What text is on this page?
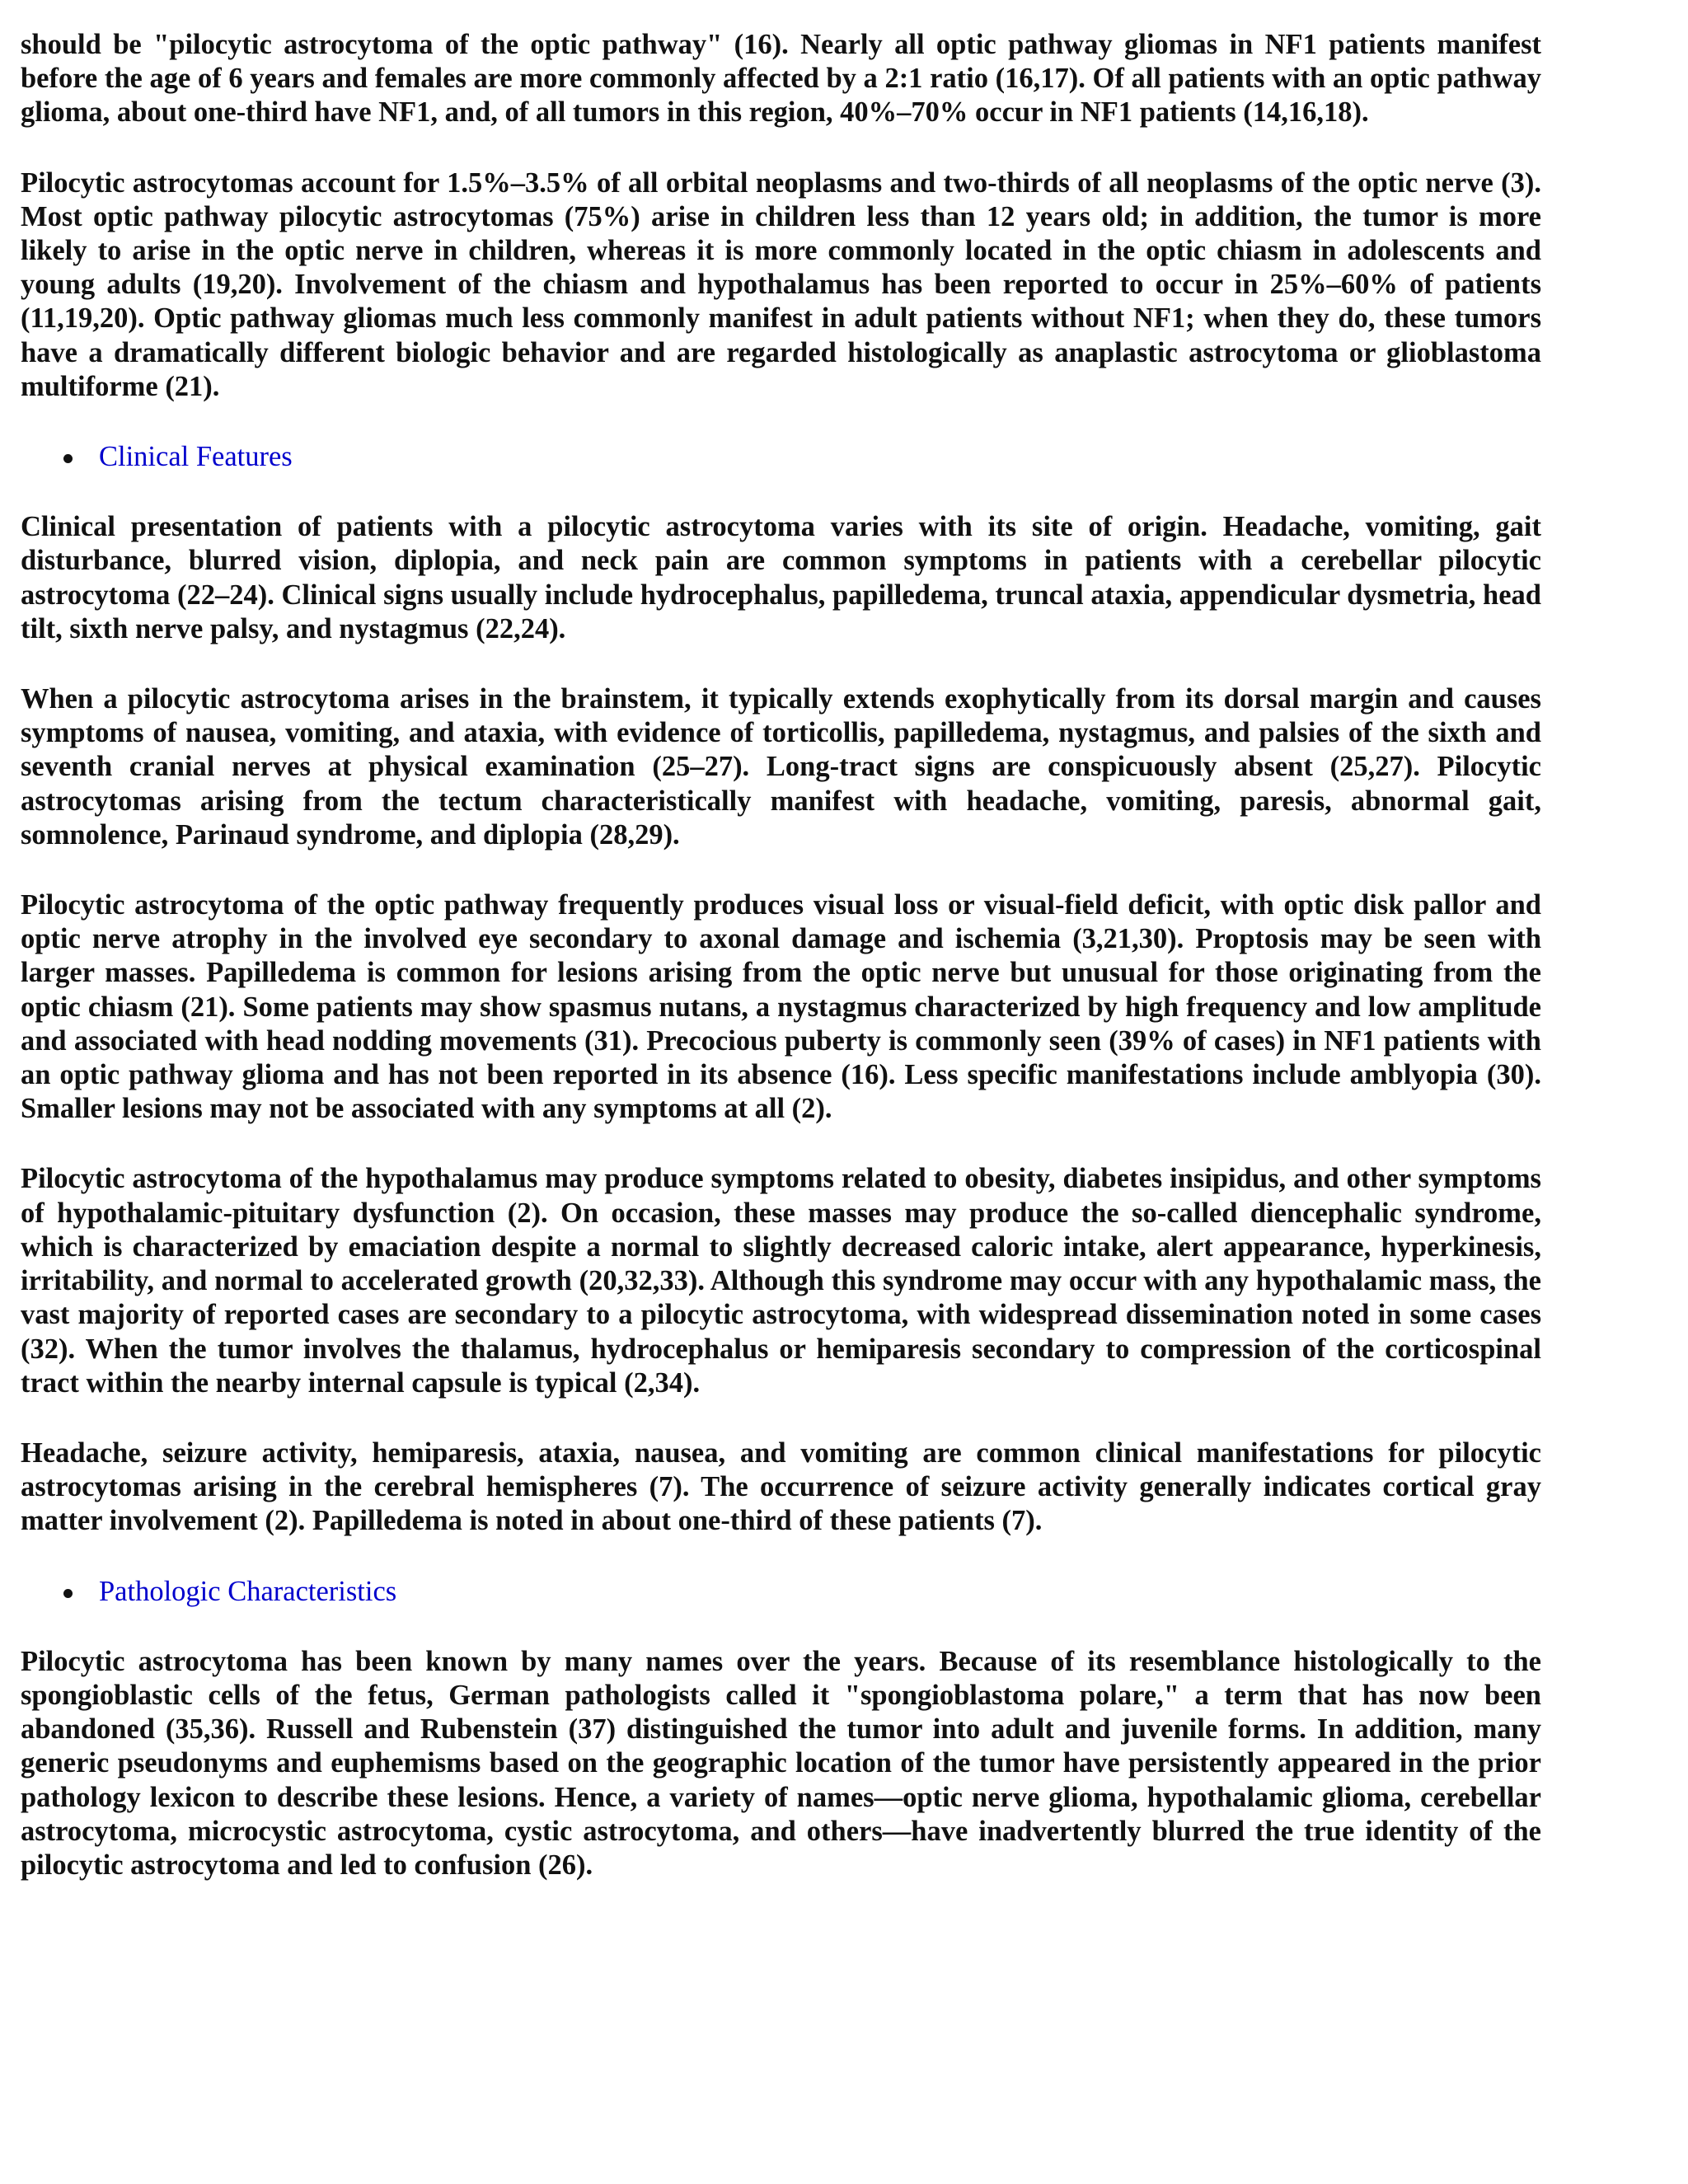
should be "pilocytic astrocytoma of the optic pathway" (16). Nearly all optic pathway gliomas in NF1 patients manifest before the age of 6 years and females are more commonly affected by a 2:1 ratio (16,17). Of all patients with an optic pathway glioma, about one-third have NF1, and, of all tumors in this region, 40%–70% occur in NF1 patients (14,16,18).

Pilocytic astrocytomas account for 1.5%–3.5% of all orbital neoplasms and two-thirds of all neoplasms of the optic nerve (3). Most optic pathway pilocytic astrocytomas (75%) arise in children less than 12 years old; in addition, the tumor is more likely to arise in the optic nerve in children, whereas it is more commonly located in the optic chiasm in adolescents and young adults (19,20). Involvement of the chiasm and hypothalamus has been reported to occur in 25%–60% of patients (11,19,20). Optic pathway gliomas much less commonly manifest in adult patients without NF1; when they do, these tumors have a dramatically different biologic behavior and are regarded histologically as anaplastic astrocytoma or glioblastoma multiforme (21).

Clinical Features

Clinical presentation of patients with a pilocytic astrocytoma varies with its site of origin. Headache, vomiting, gait disturbance, blurred vision, diplopia, and neck pain are common symptoms in patients with a cerebellar pilocytic astrocytoma (22–24). Clinical signs usually include hydrocephalus, papilledema, truncal ataxia, appendicular dysmetria, head tilt, sixth nerve palsy, and nystagmus (22,24).

When a pilocytic astrocytoma arises in the brainstem, it typically extends exophytically from its dorsal margin and causes symptoms of nausea, vomiting, and ataxia, with evidence of torticollis, papilledema, nystagmus, and palsies of the sixth and seventh cranial nerves at physical examination (25–27). Long-tract signs are conspicuously absent (25,27). Pilocytic astrocytomas arising from the tectum characteristically manifest with headache, vomiting, paresis, abnormal gait, somnolence, Parinaud syndrome, and diplopia (28,29).

Pilocytic astrocytoma of the optic pathway frequently produces visual loss or visual-field deficit, with optic disk pallor and optic nerve atrophy in the involved eye secondary to axonal damage and ischemia (3,21,30). Proptosis may be seen with larger masses. Papilledema is common for lesions arising from the optic nerve but unusual for those originating from the optic chiasm (21). Some patients may show spasmus nutans, a nystagmus characterized by high frequency and low amplitude and associated with head nodding movements (31). Precocious puberty is commonly seen (39% of cases) in NF1 patients with an optic pathway glioma and has not been reported in its absence (16). Less specific manifestations include amblyopia (30). Smaller lesions may not be associated with any symptoms at all (2).

Pilocytic astrocytoma of the hypothalamus may produce symptoms related to obesity, diabetes insipidus, and other symptoms of hypothalamic-pituitary dysfunction (2). On occasion, these masses may produce the so-called diencephalic syndrome, which is characterized by emaciation despite a normal to slightly decreased caloric intake, alert appearance, hyperkinesis, irritability, and normal to accelerated growth (20,32,33). Although this syndrome may occur with any hypothalamic mass, the vast majority of reported cases are secondary to a pilocytic astrocytoma, with widespread dissemination noted in some cases (32). When the tumor involves the thalamus, hydrocephalus or hemiparesis secondary to compression of the corticospinal tract within the nearby internal capsule is typical (2,34).

Headache, seizure activity, hemiparesis, ataxia, nausea, and vomiting are common clinical manifestations for pilocytic astrocytomas arising in the cerebral hemispheres (7). The occurrence of seizure activity generally indicates cortical gray matter involvement (2). Papilledema is noted in about one-third of these patients (7).

Pathologic Characteristics

Pilocytic astrocytoma has been known by many names over the years. Because of its resemblance histologically to the spongioblastic cells of the fetus, German pathologists called it "spongioblastoma polare," a term that has now been abandoned (35,36). Russell and Rubenstein (37) distinguished the tumor into adult and juvenile forms. In addition, many generic pseudonyms and euphemisms based on the geographic location of the tumor have persistently appeared in the prior pathology lexicon to describe these lesions. Hence, a variety of names—optic nerve glioma, hypothalamic glioma, cerebellar astrocytoma, microcystic astrocytoma, cystic astrocytoma, and others—have inadvertently blurred the true identity of the pilocytic astrocytoma and led to confusion (26).
